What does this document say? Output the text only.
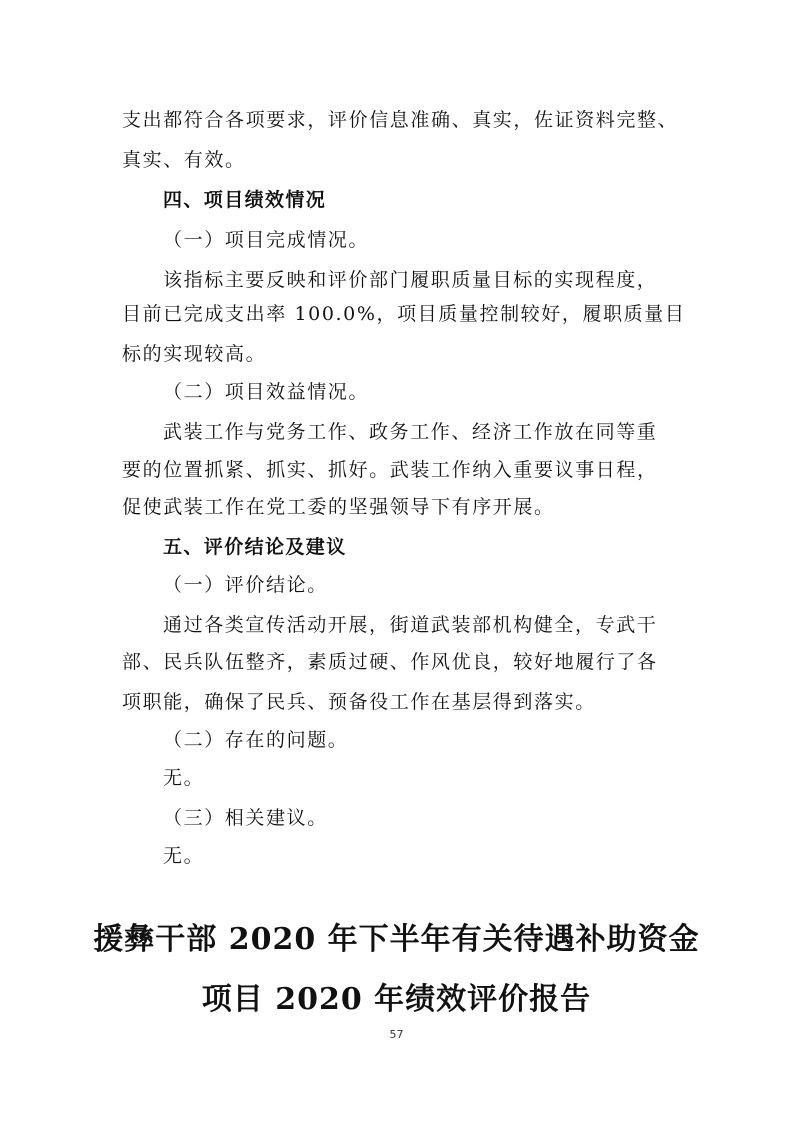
支出都符合各项要求，评价信息准确、真实，佐证资料完整、

真实、有效。

四、项目绩效情况

（一）项目完成情况。

该指标主要反映和评价部门履职质量目标的实现程度，

目前已完成支出率 100.0%，项目质量控制较好，履职质量目

标的实现较高。

（二）项目效益情况。

武装工作与党务工作、政务工作、经济工作放在同等重

要的位置抓紧、抓实、抓好。武装工作纳入重要议事日程，

促使武装工作在党工委的坚强领导下有序开展。

五、评价结论及建议

（一）评价结论。

通过各类宣传活动开展，街道武装部机构健全，专武干

部、民兵队伍整齐，素质过硬、作风优良，较好地履行了各

项职能，确保了民兵、预备役工作在基层得到落实。

（二）存在的问题。

无。

（三）相关建议。

无。

援彝干部 2020 年下半年有关待遇补助资金
项目 2020 年绩效评价报告
57
